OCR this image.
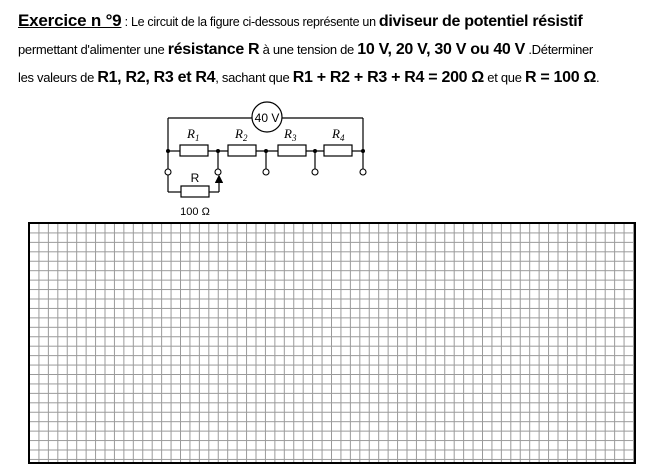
Exercice n °9 : Le circuit de la figure ci-dessous représente un diviseur de potentiel résistif
permettant d'alimenter une résistance R à une tension de 10 V, 20 V, 30 V ou 40 V .Déterminer
les valeurs de R1, R2, R3 et R4, sachant que R1 + R2 + R3 + R4 = 200 Ω et que R = 100 Ω.
40 V
$R_1$	$R_2$	$R_3$	$R_4$
R
100 Ω
